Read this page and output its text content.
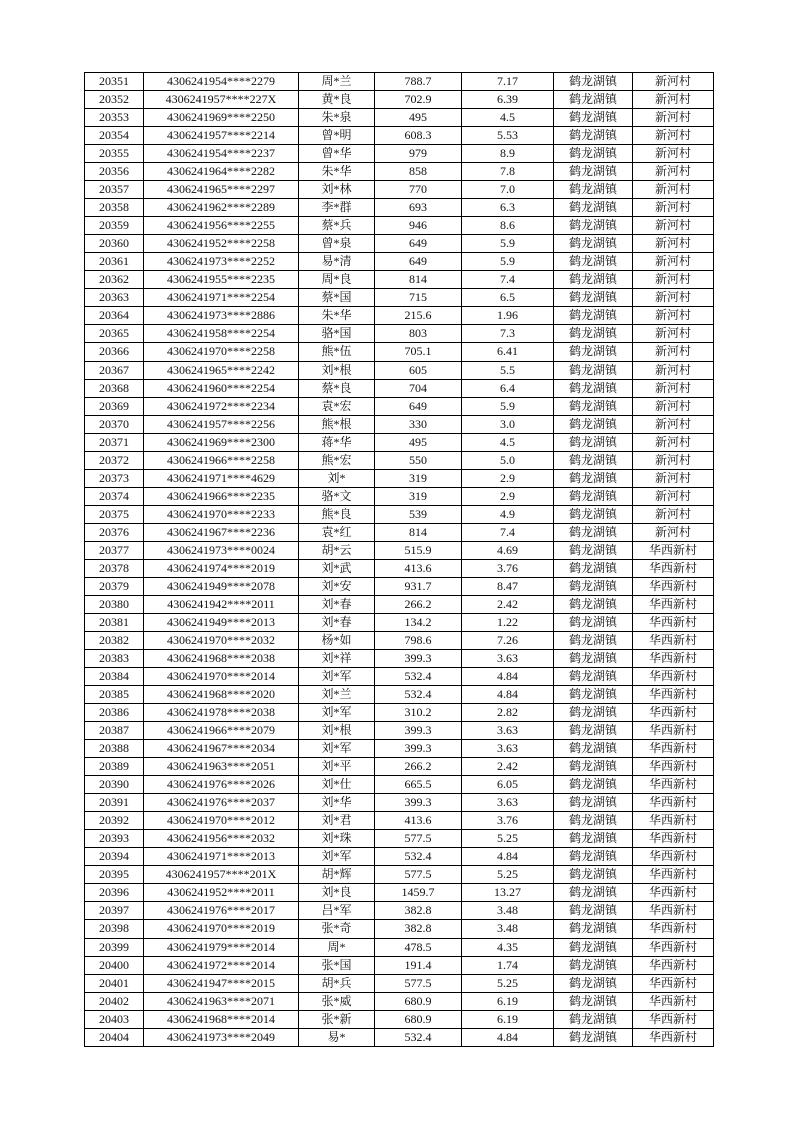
20351	4306241954****2279	周*兰	788.7	7.17	鹤龙湖镇	新河村
20352	4306241957****227X	黄*良	702.9	6.39	鹤龙湖镇	新河村
20353	4306241969****2250	朱*泉	495	4.5	鹤龙湖镇	新河村
20354	4306241957****2214	曾*明	608.3	5.53	鹤龙湖镇	新河村
20355	4306241954****2237	曾*华	979	8.9	鹤龙湖镇	新河村
20356	4306241964****2282	朱*华	858	7.8	鹤龙湖镇	新河村
20357	4306241965****2297	刘*林	770	7.0	鹤龙湖镇	新河村
20358	4306241962****2289	李*群	693	6.3	鹤龙湖镇	新河村
20359	4306241956****2255	蔡*兵	946	8.6	鹤龙湖镇	新河村
20360	4306241952****2258	曾*泉	649	5.9	鹤龙湖镇	新河村
20361	4306241973****2252	易*清	649	5.9	鹤龙湖镇	新河村
20362	4306241955****2235	周*良	814	7.4	鹤龙湖镇	新河村
20363	4306241971****2254	蔡*国	715	6.5	鹤龙湖镇	新河村
20364	4306241973****2886	朱*华	215.6	1.96	鹤龙湖镇	新河村
20365	4306241958****2254	骆*国	803	7.3	鹤龙湖镇	新河村
20366	4306241970****2258	熊*伍	705.1	6.41	鹤龙湖镇	新河村
20367	4306241965****2242	刘*根	605	5.5	鹤龙湖镇	新河村
20368	4306241960****2254	蔡*良	704	6.4	鹤龙湖镇	新河村
20369	4306241972****2234	袁*宏	649	5.9	鹤龙湖镇	新河村
20370	4306241957****2256	熊*根	330	3.0	鹤龙湖镇	新河村
20371	4306241969****2300	蒋*华	495	4.5	鹤龙湖镇	新河村
20372	4306241966****2258	熊*宏	550	5.0	鹤龙湖镇	新河村
20373	4306241971****4629	刘*	319	2.9	鹤龙湖镇	新河村
20374	4306241966****2235	骆*文	319	2.9	鹤龙湖镇	新河村
20375	4306241970****2233	熊*良	539	4.9	鹤龙湖镇	新河村
20376	4306241967****2236	袁*红	814	7.4	鹤龙湖镇	新河村
20377	4306241973****0024	胡*云	515.9	4.69	鹤龙湖镇	华西新村
20378	4306241974****2019	刘*武	413.6	3.76	鹤龙湖镇	华西新村
20379	4306241949****2078	刘*安	931.7	8.47	鹤龙湖镇	华西新村
20380	4306241942****2011	刘*春	266.2	2.42	鹤龙湖镇	华西新村
20381	4306241949****2013	刘*春	134.2	1.22	鹤龙湖镇	华西新村
20382	4306241970****2032	杨*如	798.6	7.26	鹤龙湖镇	华西新村
20383	4306241968****2038	刘*祥	399.3	3.63	鹤龙湖镇	华西新村
20384	4306241970****2014	刘*军	532.4	4.84	鹤龙湖镇	华西新村
20385	4306241968****2020	刘*兰	532.4	4.84	鹤龙湖镇	华西新村
20386	4306241978****2038	刘*军	310.2	2.82	鹤龙湖镇	华西新村
20387	4306241966****2079	刘*根	399.3	3.63	鹤龙湖镇	华西新村
20388	4306241967****2034	刘*军	399.3	3.63	鹤龙湖镇	华西新村
20389	4306241963****2051	刘*平	266.2	2.42	鹤龙湖镇	华西新村
20390	4306241976****2026	刘*仕	665.5	6.05	鹤龙湖镇	华西新村
20391	4306241976****2037	刘*华	399.3	3.63	鹤龙湖镇	华西新村
20392	4306241970****2012	刘*君	413.6	3.76	鹤龙湖镇	华西新村
20393	4306241956****2032	刘*珠	577.5	5.25	鹤龙湖镇	华西新村
20394	4306241971****2013	刘*军	532.4	4.84	鹤龙湖镇	华西新村
20395	4306241957****201X	胡*辉	577.5	5.25	鹤龙湖镇	华西新村
20396	4306241952****2011	刘*良	1459.7	13.27	鹤龙湖镇	华西新村
20397	4306241976****2017	吕*军	382.8	3.48	鹤龙湖镇	华西新村
20398	4306241970****2019	张*奇	382.8	3.48	鹤龙湖镇	华西新村
20399	4306241979****2014	周*	478.5	4.35	鹤龙湖镇	华西新村
20400	4306241972****2014	张*国	191.4	1.74	鹤龙湖镇	华西新村
20401	4306241947****2015	胡*兵	577.5	5.25	鹤龙湖镇	华西新村
20402	4306241963****2071	张*威	680.9	6.19	鹤龙湖镇	华西新村
20403	4306241968****2014	张*新	680.9	6.19	鹤龙湖镇	华西新村
20404	4306241973****2049	易*	532.4	4.84	鹤龙湖镇	华西新村
